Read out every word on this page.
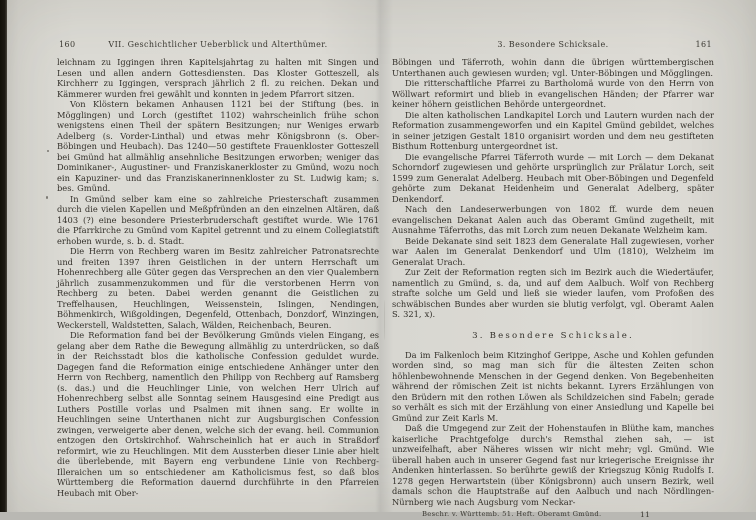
160	VII. Geschichtlicher Ueberblick und Alterthümer.

leichnam zu Iggingen ihren Kapitelsjahrtag zu halten mit Singen und Lesen und allen andern Gottesdiensten. Das Kloster Gotteszell, als Kirchherr zu Iggingen, versprach jährlich 2 fl. zu reichen. Dekan und Kämmerer wurden frei gewählt und konnten in jedem Pfarrort sitzen.

Von Klöstern bekamen Anhausen 1121 bei der Stiftung (bes. in Mögglingen) und Lorch (gestiftet 1102) wahrscheinlich frühe schon wenigstens einen Theil der spätern Besitzungen; nur Weniges erwarb Adelberg (s. Vorder-Linthal) und etwas mehr Königsbronn (s. Ober-Böbingen und Heubach). Das 1240—50 gestiftete Frauenkloster Gotteszell bei Gmünd hat allmählig ansehnliche Besitzungen erworben; weniger das Dominikaner-, Augustiner- und Franziskanerkloster zu Gmünd, wozu noch ein Kapuziner- und das Franziskanerinnenkloster zu St. Ludwig kam; s. bes. Gmünd.

In Gmünd selber kam eine so zahlreiche Priesterschaft zusammen durch die vielen Kapellen und Meßpfründen an den einzelnen Altären, daß 1403 (?) eine besondere Priesterbruderschaft gestiftet wurde. Wie 1761 die Pfarrkirche zu Gmünd vom Kapitel getrennt und zu einem Collegiatstift erhoben wurde, s. b. d. Stadt.

Die Herrn von Rechberg waren im Besitz zahlreicher Patronatsrechte und freiten 1397 ihren Geistlichen in der untern Herrschaft um Hohenrechberg alle Güter gegen das Versprechen an den vier Qualembern jährlich zusammenzukommen und für die verstorbenen Herrn von Rechberg zu beten. Dabei werden genannt die Geistlichen zu Treffelhausen, Heuchlingen, Weissenstein, Islingen, Nendingen, Böhmenkirch, Wißgoldingen, Degenfeld, Ottenbach, Donzdorf, Winzingen, Weckerstell, Waldstetten, Salach, Wälden, Reichenbach, Beuren.

Die Reformation fand bei der Bevölkerung Gmünds vielen Eingang, es gelang aber dem Rathe die Bewegung allmählig zu unterdrücken, so daß in der Reichsstadt blos die katholische Confession geduldet wurde. Dagegen fand die Reformation einige entschiedene Anhänger unter den Herrn von Rechberg, namentlich den Philipp von Rechberg auf Ramsberg (s. das.) und die Heuchlinger Linie, von welchen Herr Ulrich auf Hohenrechberg selbst alle Sonntag seinem Hausgesind eine Predigt aus Luthers Postille vorlas und Psalmen mit ihnen sang. Er wollte in Heuchlingen seine Unterthanen nicht zur Augsburgischen Confession zwingen, verweigerte aber denen, welche sich der evang. heil. Communion entzogen den Ortskirchhof. Wahrscheinlich hat er auch in Straßdorf reformirt, wie zu Heuchlingen. Mit dem Aussterben dieser Linie aber hielt die überlebende, mit Bayern eng verbundene Linie von Rechberg-Illeraichen um so entschiedener am Katholicismus fest, so daß blos Württemberg die Reformation dauernd durchführte in den Pfarreien Heubach mit Ober-

3. Besondere Schicksale.	161

Böbingen und Täferroth, wohin dann die übrigen württembergischen Unterthanen auch gewiesen wurden; vgl. Unter-Böbingen und Mögglingen.

Die ritterschaftliche Pfarrei zu Bartholomä wurde von den Herrn von Wöllwart reformirt und blieb in evangelischen Händen; der Pfarrer war keiner höhern geistlichen Behörde untergeordnet.

Die alten katholischen Landkapitel Lorch und Lautern wurden nach der Reformation zusammengeworfen und ein Kapitel Gmünd gebildet, welches in seiner jetzigen Gestalt 1810 organisirt worden und dem neu gestifteten Bisthum Rottenburg untergeordnet ist.

Die evangelische Pfarrei Täferroth wurde — mit Lorch — dem Dekanat Schorndorf zugewiesen und gehörte ursprünglich zur Prälatur Lorch, seit 1599 zum Generalat Adelberg. Heubach mit Ober-Böbingen und Degenfeld gehörte zum Dekanat Heidenheim und Generalat Adelberg, später Denkendorf.

Nach den Landeserwerbungen von 1802 ff. wurde dem neuen evangelischen Dekanat Aalen auch das Oberamt Gmünd zugetheilt, mit Ausnahme Täferroths, das mit Lorch zum neuen Dekanate Welzheim kam.

Beide Dekanate sind seit 1823 dem Generalate Hall zugewiesen, vorher war Aalen im Generalat Denkendorf und Ulm (1810), Welzheim im Generalat Urach.

Zur Zeit der Reformation regten sich im Bezirk auch die Wiedertäufer, namentlich zu Gmünd, s. da, und auf dem Aalbuch. Wolf von Rechberg strafte solche um Geld und ließ sie wieder laufen, vom Profoßen des schwäbischen Bundes aber wurden sie blutig verfolgt, vgl. Oberamt Aalen S. 321, x).

3. Besondere Schicksale.

Da im Falkenloch beim Kitzinghof Gerippe, Asche und Kohlen gefunden worden sind, so mag man sich für die ältesten Zeiten schon höhlenbewohnende Menschen in der Gegend denken. Von Begebenheiten während der römischen Zeit ist nichts bekannt. Lyrers Erzählungen von den Brüdern mit den rothen Löwen als Schildzeichen sind Fabeln; gerade so verhält es sich mit der Erzählung von einer Ansiedlung und Kapelle bei Gmünd zur Zeit Karls M.

Daß die Umgegend zur Zeit der Hohenstaufen in Blüthe kam, manches kaiserliche Prachtgefolge durch's Remsthal ziehen sah, — ist unzweifelhaft, aber Näheres wissen wir nicht mehr; vgl. Gmünd. Wie überall haben auch in unserer Gegend fast nur kriegerische Ereignisse ihr Andenken hinterlassen. So berührte gewiß der Kriegszug König Rudolfs I. 1278 gegen Herwartstein (über Königsbronn) auch unsern Bezirk, weil damals schon die Hauptstraße auf den Aalbuch und nach Nördlingen-Nürnberg wie nach Augsburg vom Neckar-

Beschr. v. Württemb. 51. Heft. Oberamt Gmünd.	11
